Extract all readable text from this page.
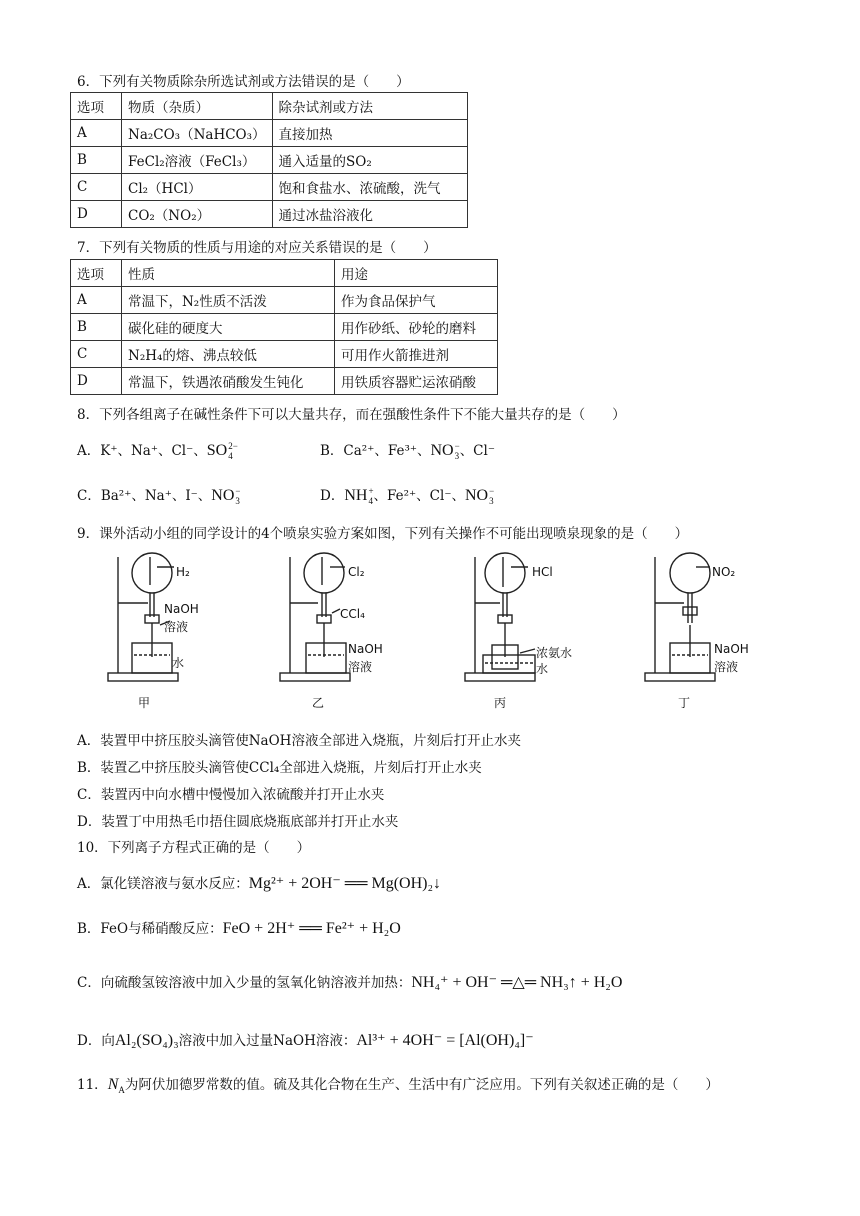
6．下列有关物质除杂所选试剂或方法错误的是（　　）
选项	物质（杂质）	除杂试剂或方法
A	Na₂CO₃（NaHCO₃）	直接加热
B	FeCl₂溶液（FeCl₃）	通入适量的SO₂
C	Cl₂（HCl）	饱和食盐水、浓硫酸，洗气
D	CO₂（NO₂）	通过冰盐浴液化
7．下列有关物质的性质与用途的对应关系错误的是（　　）
选项	性质	用途
A	常温下，N₂性质不活泼	作为食品保护气
B	碳化硅的硬度大	用作砂纸、砂轮的磨料
C	N₂H₄的熔、沸点较低	可用作火箭推进剂
D	常温下，铁遇浓硝酸发生钝化	用铁质容器贮运浓硝酸
8．下列各组离子在碱性条件下可以大量共存，而在强酸性条件下不能大量共存的是（　　）
A．K⁺、Na⁺、Cl⁻、SO 2−
4	B．Ca²⁺、Fe³⁺、NO −
3 、Cl⁻
C．Ba²⁺、Na⁺、I⁻、NO −
3	D．NH +
4 、Fe²⁺、Cl⁻、NO −
3
9．课外活动小组的同学设计的4个喷泉实验方案如图，下列有关操作不可能出现喷泉现象的是（　　）
H₂
NaOH
溶液
水
甲
Cl₂
CCl₄
NaOH
溶液
乙
HCl
浓氨水
水
丙
NO₂
NaOH
溶液
丁
A．装置甲中挤压胶头滴管使NaOH溶液全部进入烧瓶，片刻后打开止水夹
B．装置乙中挤压胶头滴管使CCl₄全部进入烧瓶，片刻后打开止水夹
C．装置丙中向水槽中慢慢加入浓硫酸并打开止水夹
D．装置丁中用热毛巾捂住圆底烧瓶底部并打开止水夹
10．下列离子方程式正确的是（　　）
A．氯化镁溶液与氨水反应：Mg²⁺ + 2OH⁻ ══ Mg(OH)₂↓
B．FeO与稀硝酸反应：FeO + 2H⁺ ══ Fe²⁺ + H₂O
C．向硫酸氢铵溶液中加入少量的氢氧化钠溶液并加热：NH₄⁺ + OH⁻ ═△═ NH₃↑ + H₂O
D．向Al₂(SO₄)₃溶液中加入过量NaOH溶液：Al³⁺ + 4OH⁻ = [Al(OH)₄]⁻
11．$N_A$为阿伏加德罗常数的值。硫及其化合物在生产、生活中有广泛应用。下列有关叙述正确的是（　　）
